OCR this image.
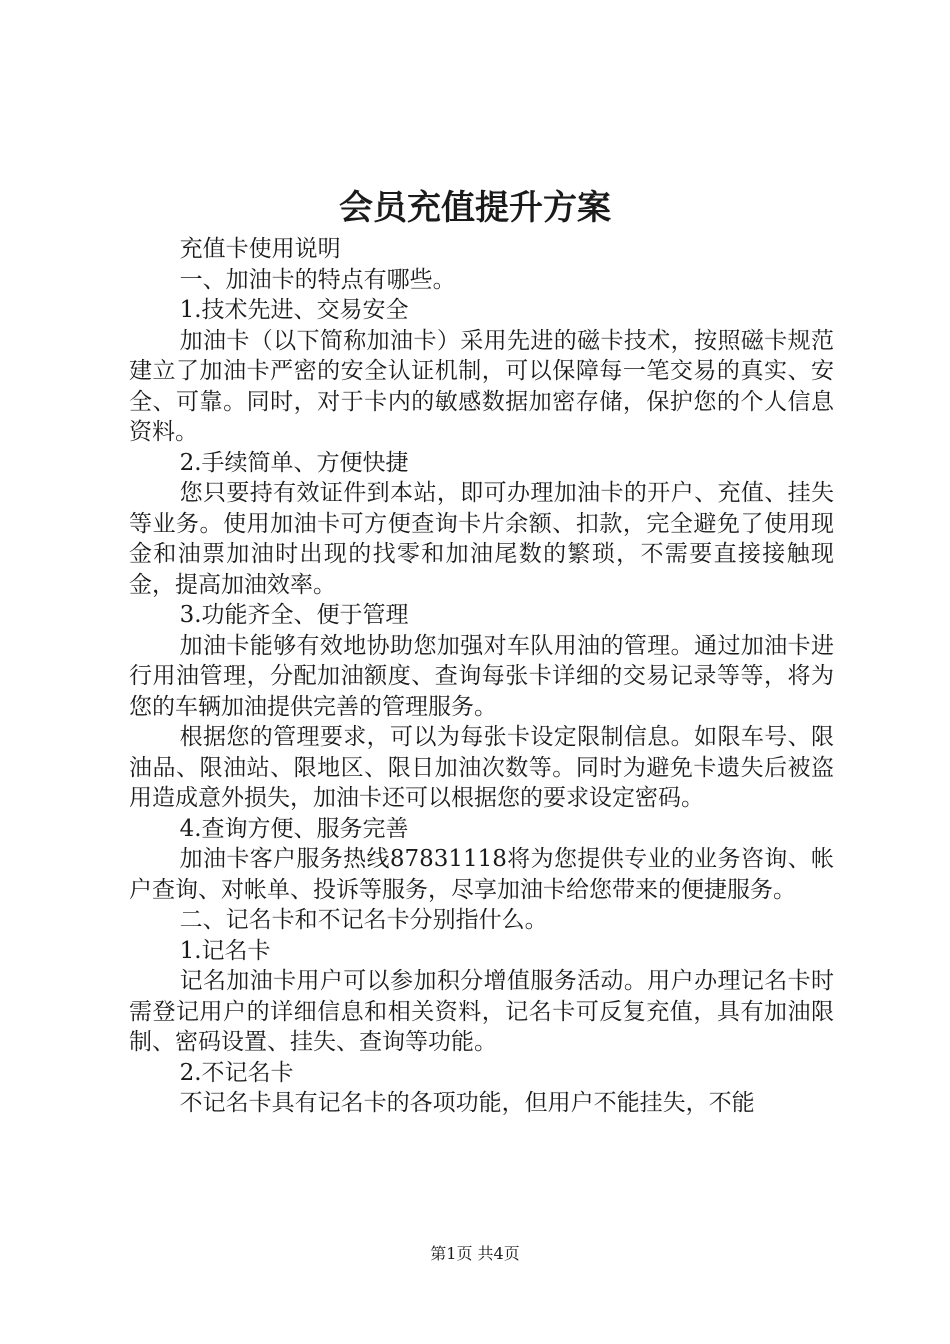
会员充值提升方案

充值卡使用说明

一、加油卡的特点有哪些。

1.技术先进、交易安全

加油卡（以下简称加油卡）采用先进的磁卡技术，按照磁卡规范建立了加油卡严密的安全认证机制，可以保障每一笔交易的真实、安全、可靠。同时，对于卡内的敏感数据加密存储，保护您的个人信息资料。

2.手续简单、方便快捷

您只要持有效证件到本站，即可办理加油卡的开户、充值、挂失等业务。使用加油卡可方便查询卡片余额、扣款，完全避免了使用现金和油票加油时出现的找零和加油尾数的繁琐，不需要直接接触现金，提高加油效率。

3.功能齐全、便于管理

加油卡能够有效地协助您加强对车队用油的管理。通过加油卡进行用油管理，分配加油额度、查询每张卡详细的交易记录等等，将为您的车辆加油提供完善的管理服务。

根据您的管理要求，可以为每张卡设定限制信息。如限车号、限油品、限油站、限地区、限日加油次数等。同时为避免卡遗失后被盗用造成意外损失，加油卡还可以根据您的要求设定密码。

4.查询方便、服务完善

加油卡客户服务热线87831118将为您提供专业的业务咨询、帐户查询、对帐单、投诉等服务，尽享加油卡给您带来的便捷服务。

二、记名卡和不记名卡分别指什么。

1.记名卡

记名加油卡用户可以参加积分增值服务活动。用户办理记名卡时需登记用户的详细信息和相关资料，记名卡可反复充值，具有加油限制、密码设置、挂失、查询等功能。

2.不记名卡

不记名卡具有记名卡的各项功能，但用户不能挂失，不能

第1页 共4页
